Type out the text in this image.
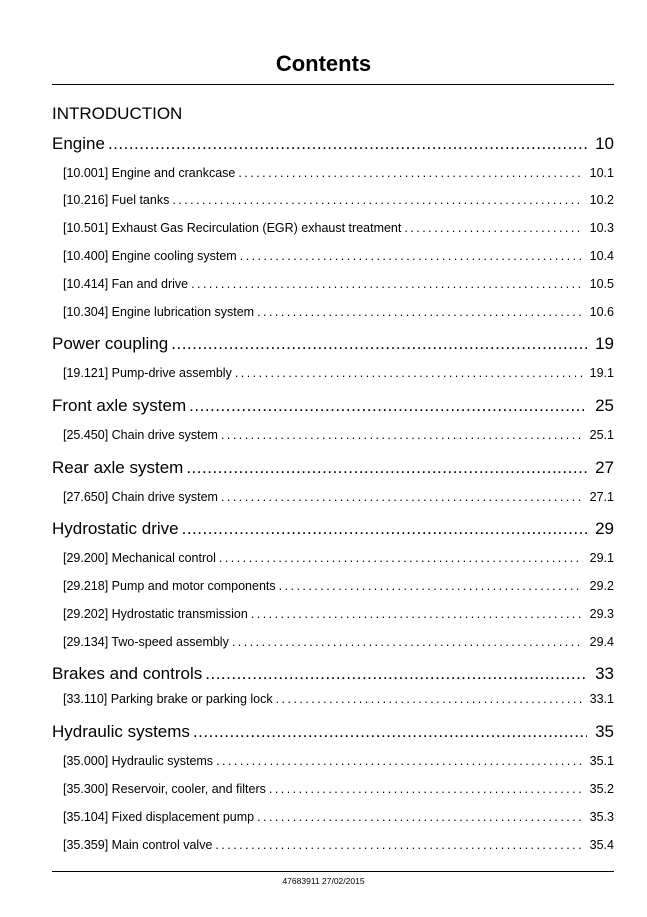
Contents
INTRODUCTION
Engine .....	10
[10.001] Engine and crankcase . . .	10.1
[10.216] Fuel tanks . . .	10.2
[10.501] Exhaust Gas Recirculation (EGR) exhaust treatment . . .	10.3
[10.400] Engine cooling system . . .	10.4
[10.414] Fan and drive . . .	10.5
[10.304] Engine lubrication system . . .	10.6
Power coupling .....	19
[19.121] Pump-drive assembly . . .	19.1
Front axle system .....	25
[25.450] Chain drive system . . .	25.1
Rear axle system .....	27
[27.650] Chain drive system . . .	27.1
Hydrostatic drive .....	29
[29.200] Mechanical control . . .	29.1
[29.218] Pump and motor components . . .	29.2
[29.202] Hydrostatic transmission . . .	29.3
[29.134] Two-speed assembly . . .	29.4
Brakes and controls .....	33
[33.110] Parking brake or parking lock . . .	33.1
Hydraulic systems .....	35
[35.000] Hydraulic systems . . .	35.1
[35.300] Reservoir, cooler, and filters . . .	35.2
[35.104] Fixed displacement pump . . .	35.3
[35.359] Main control valve . . .	35.4
47683911 27/02/2015
